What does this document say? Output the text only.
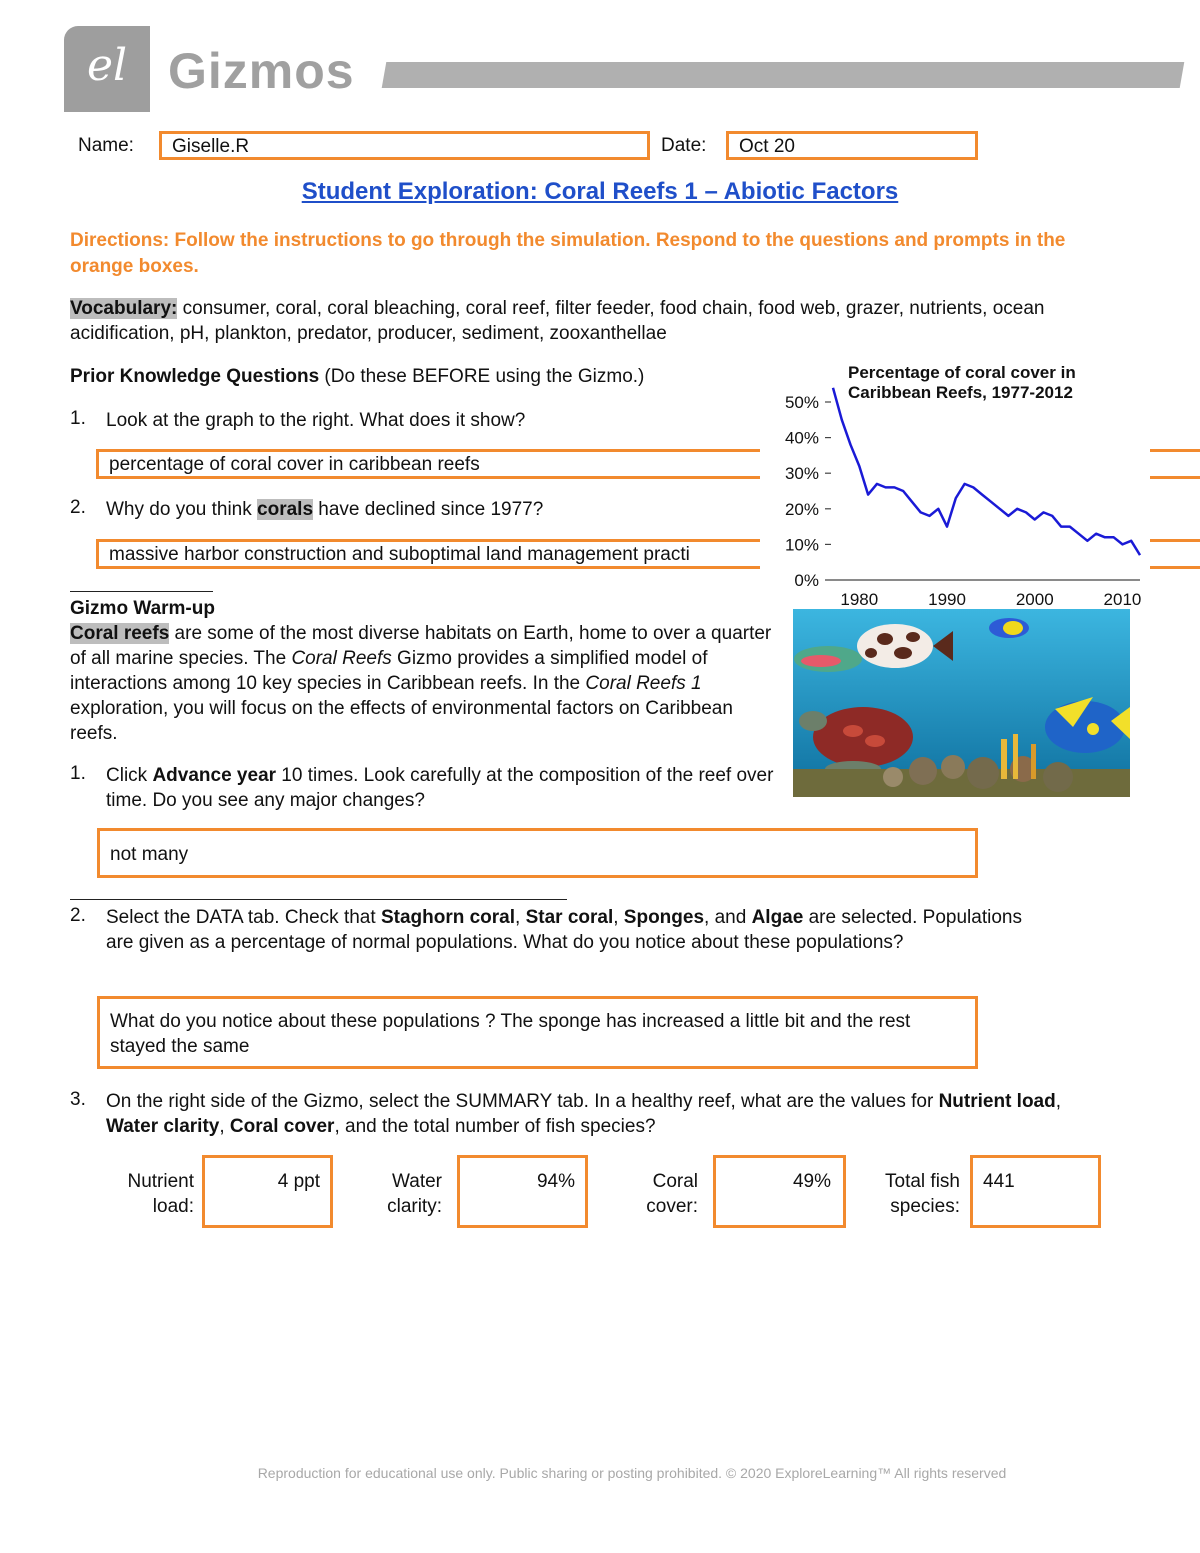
el Gizmos
Name: Giselle.R	Date: Oct 20
Student Exploration: Coral Reefs 1 – Abiotic Factors
Directions: Follow the instructions to go through the simulation. Respond to the questions and prompts in the orange boxes.
Vocabulary: consumer, coral, coral bleaching, coral reef, filter feeder, food chain, food web, grazer, nutrients, ocean acidification, pH, plankton, predator, producer, sediment, zooxanthellae
Prior Knowledge Questions (Do these BEFORE using the Gizmo.)
1. Look at the graph to the right. What does it show?
percentage of coral cover in caribbean reefs
2. Why do you think corals have declined since 1977?
massive harbor construction and suboptimal land management practi
Percentage of coral cover in Caribbean Reefs, 1977-2012
0%
10%
20%
30%
40%
50%
1980	1990	2000	2010
Gizmo Warm-up
Coral reefs are some of the most diverse habitats on Earth, home to over a quarter of all marine species. The Coral Reefs Gizmo provides a simplified model of interactions among 10 key species in Caribbean reefs. In the Coral Reefs 1 exploration, you will focus on the effects of environmental factors on Caribbean reefs.
1. Click Advance year 10 times. Look carefully at the composition of the reef over time. Do you see any major changes?
not many
2. Select the DATA tab. Check that Staghorn coral, Star coral, Sponges, and Algae are selected. Populations are given as a percentage of normal populations. What do you notice about these populations?
What do you notice about these populations ? The sponge has increased a little bit and the rest stayed the same
3. On the right side of the Gizmo, select the SUMMARY tab. In a healthy reef, what are the values for Nutrient load, Water clarity, Coral cover, and the total number of fish species?
Nutrient
load:
4 ppt	Water
clarity:
94%	Coral
cover:
49%	Total fish
species:
441
Reproduction for educational use only. Public sharing or posting prohibited. © 2020 ExploreLearning™ All rights reserved
